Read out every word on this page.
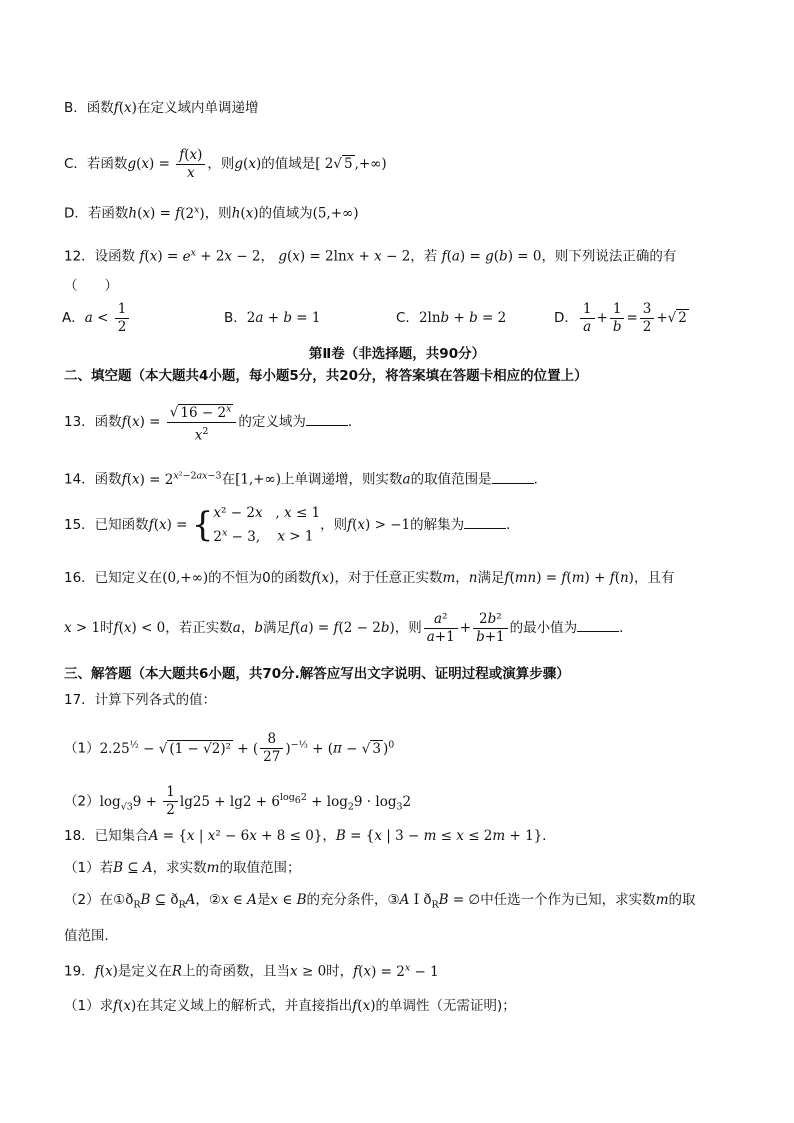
B．函数f(x)在定义域内单调递增
C．若函数$g(x) = \frac{f(x)}{x}$ ，则g(x)的值域是[ 2√ 5 ,+∞)
D．若函数$h(x) = f(2^x)$，则h(x)的值域为(5,+∞)
12．设函数 $f(x) = e^x + 2x - 2$， g(x) = 2lnx + x − 2，若 f(a) = g(b) = 0，则下列说法正确的有
（　　）
A．$a < \frac{1}{2}$	B．2a + b = 1	C．2lnb + b = 2	D． $\frac{1}{a} + \frac{1}{b} = \frac{3}{2}$ +√ 2
第Ⅱ卷（非选择题，共90分）
二、填空题（本大题共4小题，每小题5分，共20分，将答案填在答题卡相应的位置上）
13．函数$f(x) = \frac{√ 16 - 2^x}{x^2}$ 的定义域为	．
14．函数$f(x) = 2^{x^2-2ax-3}$在[1,+∞)上单调递增，则实数a的取值范围是	．
15．已知函数f(x) = { x² − 2x   , x ≤ 1
$2^x - 3$,    x > 1
，则f(x) > −1的解集为	．
16．已知定义在(0,+∞)的不恒为0的函数f(x)，对于任意正实数m，n满足f(mn) = f(m) + f(n)，且有
x > 1时f(x) < 0，若正实数a，b满足f(a) = f(2 − 2b)，则 $\frac{\text{a²}}{a+1} + \frac{\text{2b²}}{b+1}$ 的最小值为	．
三、解答题（本大题共6小题，共70分.解答应写出文字说明、证明过程或演算步骤）
17．计算下列各式的值：
$(1)2.25^{\frac{1}{2}}$ − √ (1 − √2)² + ( $\frac{8}{27} )^{-\frac{1}{3}} + (\pi$ − √ 3 )$^0$
$(2)\log_{√3}9 + \frac{1}{2} \lg 25 + \lg 2 + 6^{log_62} + \log_29 \cdot \log_32$
18．已知集合A = {x | x² − 6x + 8 ≤ 0}，B = {x | 3 − m ≤ x ≤ 2m + 1}．
（1）若B ⊆ A，求实数m的取值范围；
（2）在$①ð_RB$ ⊆ $ð_RA$，②x ∈ A是x ∈ B的充分条件，③A I $ð_RB$ = ∅中任选一个作为已知，求实数m的取
值范围．
19．f(x)是定义在R上的奇函数，且当x ≥ 0时，$f(x) = 2^x - 1$
（1）求f(x)在其定义域上的解析式，并直接指出f(x)的单调性（无需证明)；
